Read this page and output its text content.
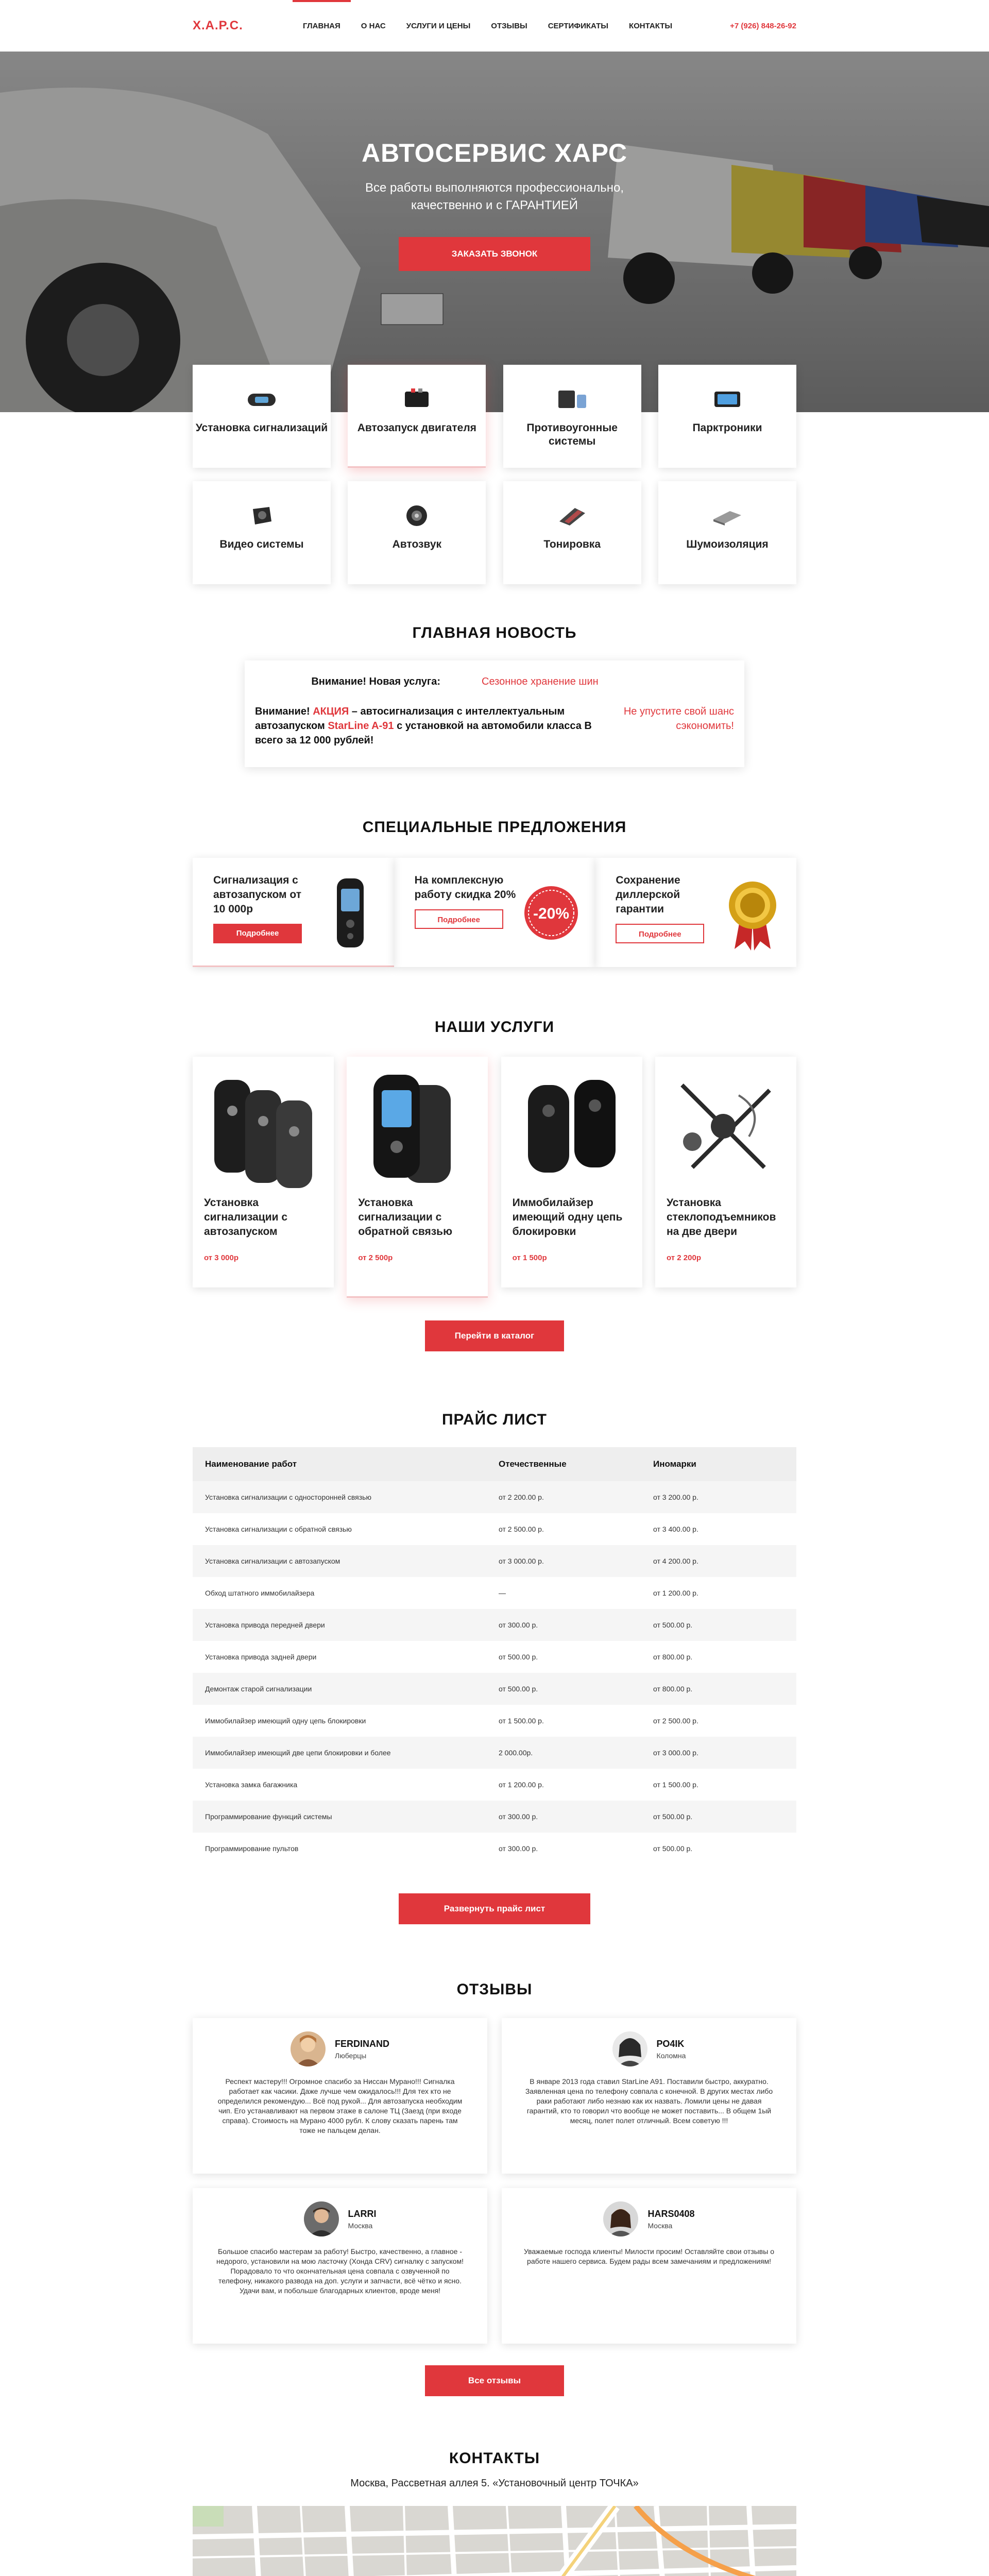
Х.А.Р.С.	ГЛАВНАЯ	О НАС	УСЛУГИ И ЦЕНЫ	ОТЗЫВЫ	СЕРТИФИКАТЫ	КОНТАКТЫ	+7 (926) 848-26-92
АВТОСЕРВИС ХАРС

Все работы выполняются профессионально,
качественно и с ГАРАНТИЕЙ

ЗАКАЗАТЬ ЗВОНОК
Установка сигнализаций	Автозапуск двигателя	Противоугонные системы
Парктроники
Видео системы	Автозвук	Тонировка	Шумоизоляция
ГЛАВНАЯ НОВОСТЬ
Внимание! Новая услуга:	Сезонное хранение шин
Внимание! АКЦИЯ – автосигнализация с интеллектуальным автозапуском StarLine A-91 с установкой на автомобили класса В всего за 12 000 рублей!
Не упустите свой шанс сэкономить!
СПЕЦИАЛЬНЫЕ ПРЕДЛОЖЕНИЯ
Сигнализация с автозапуском от 10 000р
Подробнее
На комплексную работу скидка 20%
Подробнее	-20%
Сохранение диллерской гарантии
Подробнее
НАШИ УСЛУГИ
Установка сигнализации с автозапуском
от 3 000р
Установка сигнализации с обратной связью
от 2 500р
Иммобилайзер имеющий одну цепь блокировки
от 1 500р
Установка стеклоподъемников на две двери
от 2 200р
Перейти в каталог
ПРАЙС ЛИСТ
Наименование работ	Отечественные	Иномарки
Установка сигнализации с односторонней связью	от 2 200.00 р.	от 3 200.00 р.
Установка сигнализации с обратной связью	от 2 500.00 р.	от 3 400.00 р.
Установка сигнализации с автозапуском	от 3 000.00 р.	от 4 200.00 р.
Обход штатного иммобилайзера	—	от 1 200.00 р.
Установка привода передней двери	от 300.00 р.	от 500.00 р.
Установка привода задней двери	от 500.00 р.	от 800.00 р.
Демонтаж старой сигнализации	от 500.00 р.	от 800.00 р.
Иммобилайзер имеющий одну цепь блокировки	от 1 500.00 р.	от 2 500.00 р.
Иммобилайзер имеющий две цепи блокировки и более	2 000.00р.	от 3 000.00 р.
Установка замка багажника	от 1 200.00 р.	от 1 500.00 р.
Программирование функций системы	от 300.00 р.	от 500.00 р.
Программирование пультов	от 300.00 р.	от 500.00 р.
Развернуть прайс лист
ОТЗЫВЫ
FERDINAND
Люберцы
Респект мастеру!!! Огромное спасибо за Ниссан Мурано!!! Сигналка работает как часики. Даже лучше чем ожидалось!!! Для тех кто не определился рекомендую... Всё под рукой... Для автозапуска необходим чип. Его устанавливают на первом этаже в салоне ТЦ (Заезд (при входе справа). Стоимость на Мурано 4000 рубл. К слову сказать парень там тоже не пальцем делан.
РО4IK
Коломна
В январе 2013 года ставил StarLine A91. Поставили быстро, аккуратно. Заявленная цена по телефону совпала с конечной. В других местах либо раки работают либо незнаю как их назвать. Ломили цены не давая гарантий, кто то говорил что вообще не может поставить... В общем 1ый месяц, полет полет отличный. Всем советую !!!
LARRI
Москва
Большое спасибо мастерам за работу! Быстро, качественно, а главное - недорого, установили на мою ласточку (Хонда CRV) сигналку с запуском! Порадовало то что окончательная цена совпала с озвученной по телефону, никакого развода на доп. услуги и запчасти, всё чётко и ясно. Удачи вам, и побольше благодарных клиентов, вроде меня!
HARS0408
Москва
Уважаемые господа клиенты! Милости просим! Оставляйте свои отзывы о работе нашего сервиса. Будем рады всем замечаниям и предложениям!
Все отзывы
КОНТАКТЫ
Москва, Рассветная аллея 5. «Установочный центр ТОЧКА»
